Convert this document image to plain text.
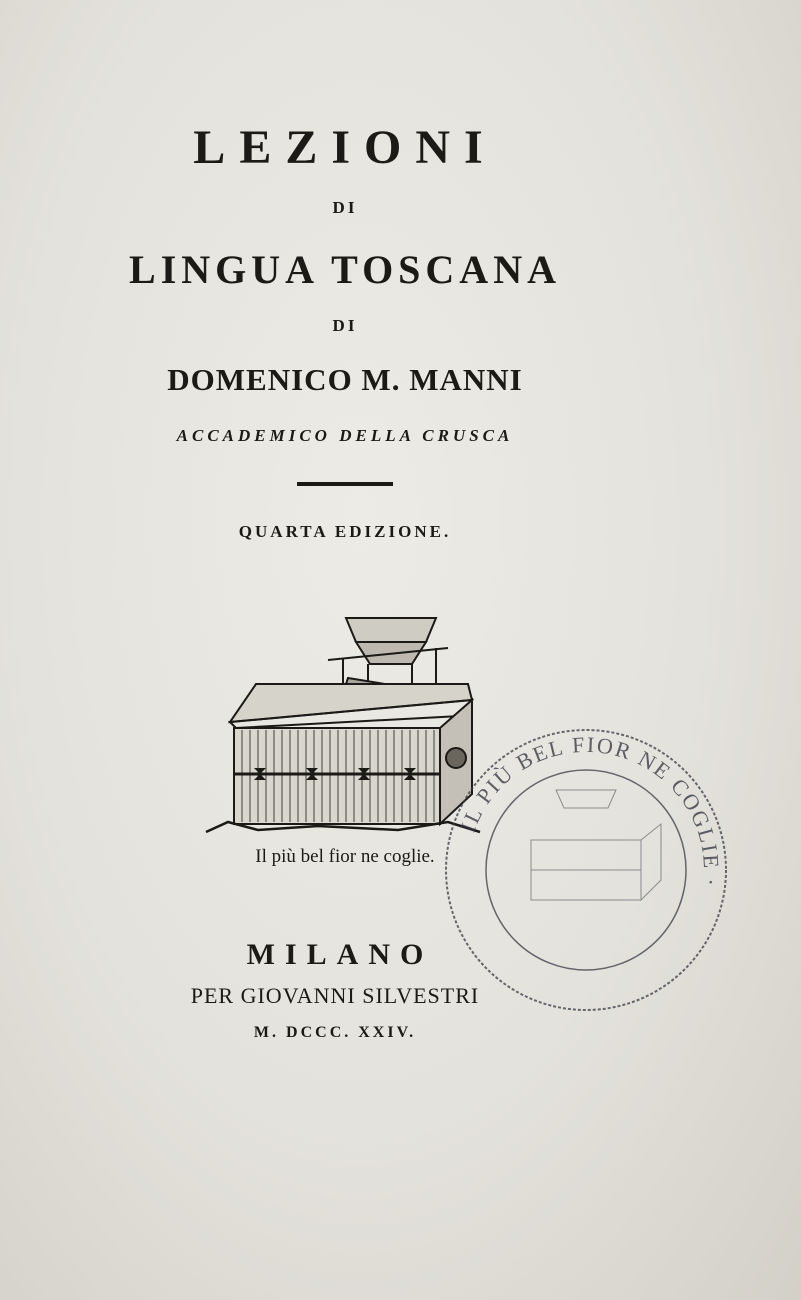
LEZIONI
DI
LINGUA TOSCANA
DI
DOMENICO M. MANNI
ACCADEMICO DELLA CRUSCA
QUARTA EDIZIONE.
Il più bel fior ne coglie.
MILANO
PER GIOVANNI SILVESTRI
M. DCCC. XXIV.
IL PIÙ BEL FIOR NE COGLIE ·
